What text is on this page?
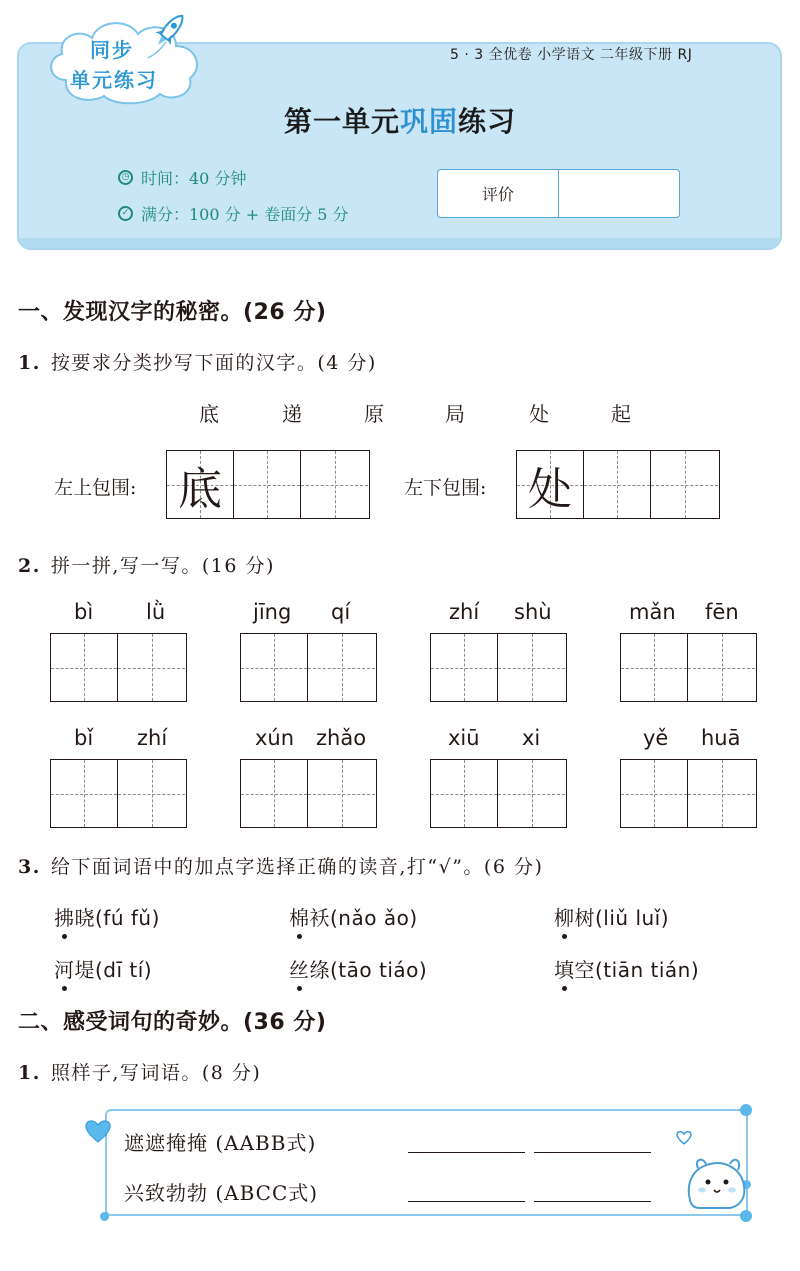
同步
单元练习
5 · 3 全优卷 小学语文 二年级下册 RJ
第一单元巩固练习
◷ 时间：40 分钟
✓ 满分：100 分 + 卷面分 5 分
评价
一、发现汉字的秘密。(26 分)
1. 按要求分类抄写下面的汉字。(4 分)
底	递	原	局	处	起
左上包围: 底	左下包围: 处
2. 拼一拼,写一写。(16 分)
bì	lǜ	jīng qí	zhí shù	mǎn fēn
bǐ zhí	xún zhǎo	xiū xi	yě huā
3. 给下面词语中的加点字选择正确的读音,打“√”。(6 分)
拂晓(fú fǔ)	棉袄(nǎo ǎo)	柳树(liǔ luǐ)
河堤(dī tí)	丝绦(tāo tiáo)	填空(tiān tián)
二、感受词句的奇妙。(36 分)
1. 照样子,写词语。(8 分)
遮遮掩掩 (AABB式)
兴致勃勃 (ABCC式)
